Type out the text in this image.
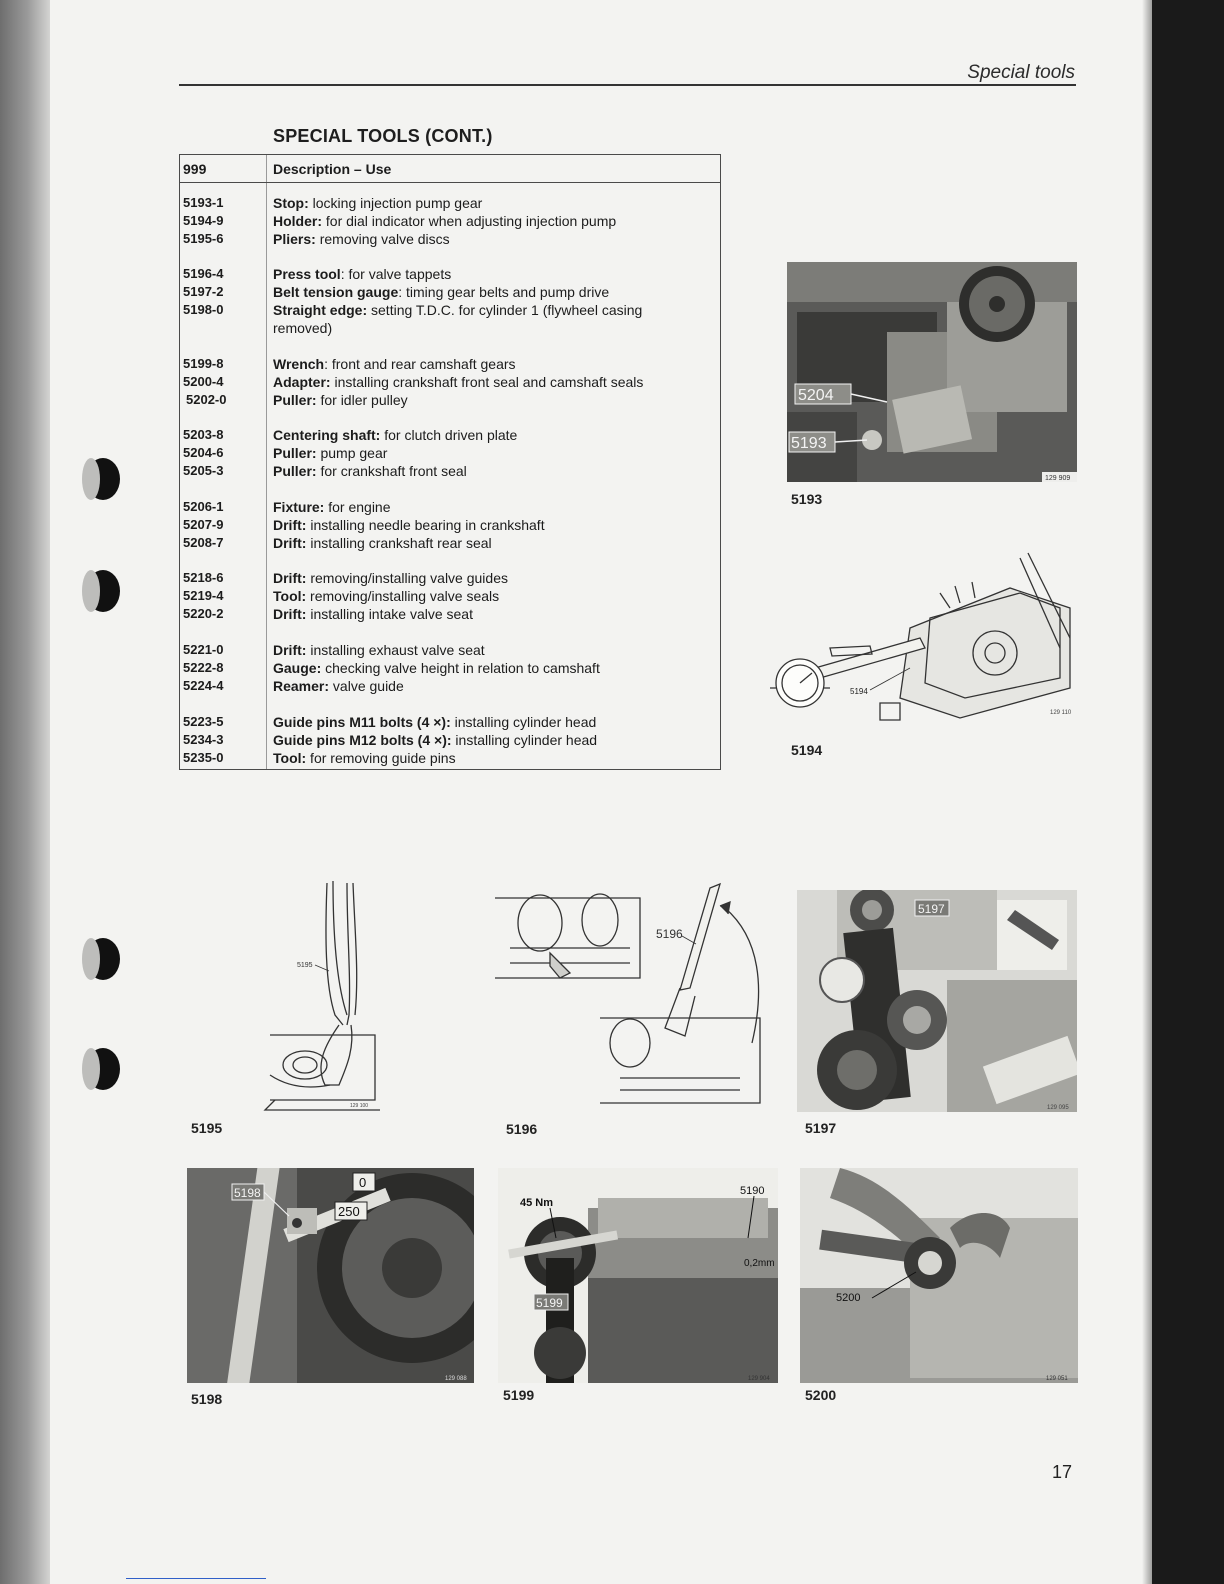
Special tools
SPECIAL TOOLS (CONT.)
999	Description – Use
5193-1	Stop: locking injection pump gear
5194-9	Holder: for dial indicator when adjusting injection pump
5195-6	Pliers: removing valve discs
5196-4	Press tool: for valve tappets
5197-2	Belt tension gauge: timing gear belts and pump drive
5198-0	Straight edge: setting T.D.C. for cylinder 1 (flywheel casing
removed)
5199-8	Wrench: front and rear camshaft gears
5200-4	Adapter: installing crankshaft front seal and camshaft seals
5202-0	Puller: for idler pulley
5203-8	Centering shaft: for clutch driven plate
5204-6	Puller: pump gear
5205-3	Puller: for crankshaft front seal
5206-1	Fixture: for engine
5207-9	Drift: installing needle bearing in crankshaft
5208-7	Drift: installing crankshaft rear seal
5218-6	Drift: removing/installing valve guides
5219-4	Tool: removing/installing valve seals
5220-2	Drift: installing intake valve seat
5221-0	Drift: installing exhaust valve seat
5222-8	Gauge: checking valve height in relation to camshaft
5224-4	Reamer: valve guide
5223-5	Guide pins M11 bolts (4 ×): installing cylinder head
5234-3	Guide pins M12 bolts (4 ×): installing cylinder head
5235-0	Tool: for removing guide pins
5204
5193
129 909
5193
5194
129 110
5194
5195
129 100
5195
5196
5196
5197
129 095
5197
5198
0
250
129 088
5198
45 Nm
5190
0,2mm
5199
129 904
5199
5200
129 051
5200
17
